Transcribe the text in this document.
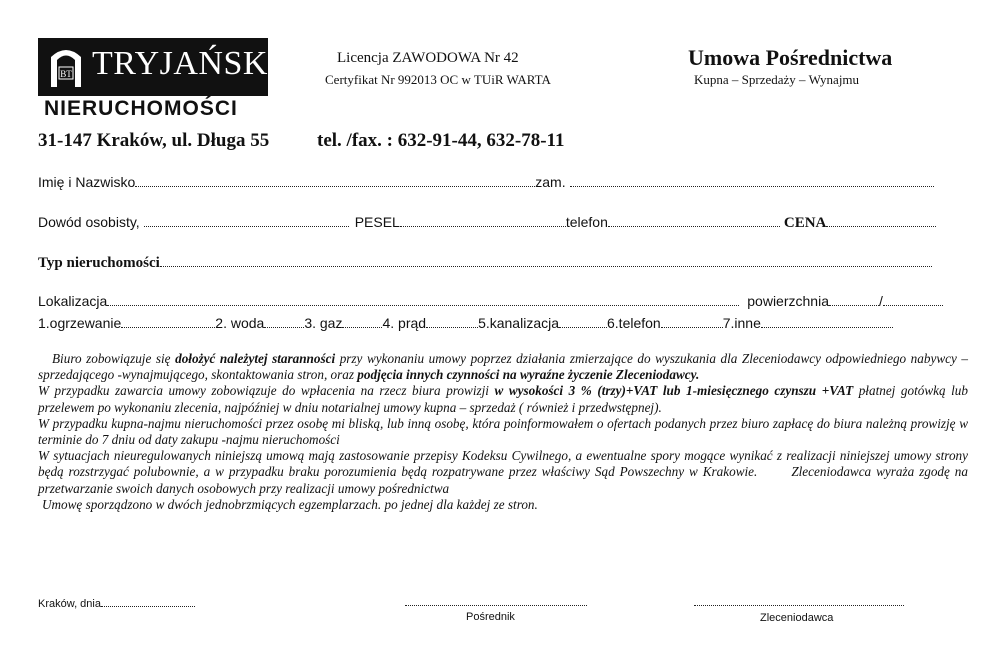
BT TRYJAŃSKI
NIERUCHOMOŚCI
Licencja ZAWODOWA Nr 42
Certyfikat Nr 992013 OC w TUiR WARTA
Umowa Pośrednictwa
Kupna – Sprzedaży – Wynajmu
31-147 Kraków, ul. Długa 55	tel. /fax. : 632-91-44, 632-78-11
Imię i Nazwisko	zam.
Dowód osobisty,	PESEL	telefon	CENA
Typ nieruchomości
Lokalizacja	powierzchnia	/
1.ogrzewanie	2. woda	3. gaz	4. prąd	5.kanalizacja	6.telefon	7.inne

Biuro zobowiązuje się dołożyć należytej staranności przy wykonaniu umowy poprzez działania zmierzające do wyszukania dla Zleceniodawcy odpowiedniego nabywcy –sprzedającego -wynajmującego, skontaktowania stron, oraz podjęcia innych czynności na wyraźne życzenie Zleceniodawcy.

W przypadku zawarcia umowy zobowiązuje do wpłacenia na rzecz biura prowizji w wysokości 3 % (trzy)+VAT lub 1-miesięcznego czynszu +VAT płatnej gotówką lub przelewem po wykonaniu zlecenia, najpóźniej w dniu notarialnej umowy kupna – sprzedaż ( również i przedwstępnej).

W przypadku kupna-najmu nieruchomości przez osobę mi bliską, lub inną osobę, która poinformowałem o ofertach podanych przez biuro zapłacę do biura należną prowizję w terminie do 7 dniu od daty zakupu -najmu nieruchomości

W sytuacjach nieuregulowanych niniejszą umową mają zastosowanie przepisy Kodeksu Cywilnego, a ewentualne spory mogące wynikać z realizacji niniejszej umowy strony będą rozstrzygać polubownie, a w przypadku braku porozumienia będą rozpatrywane przez właściwy Sąd Powszechny w Krakowie.	Zleceniodawca wyraża zgodę na przetwarzanie swoich danych osobowych przy realizacji umowy pośrednictwa

Umowę sporządzono w dwóch jednobrzmiących egzemplarzach. po jednej dla każdej ze stron.

Kraków, dnia
Pośrednik	Zleceniodawca
